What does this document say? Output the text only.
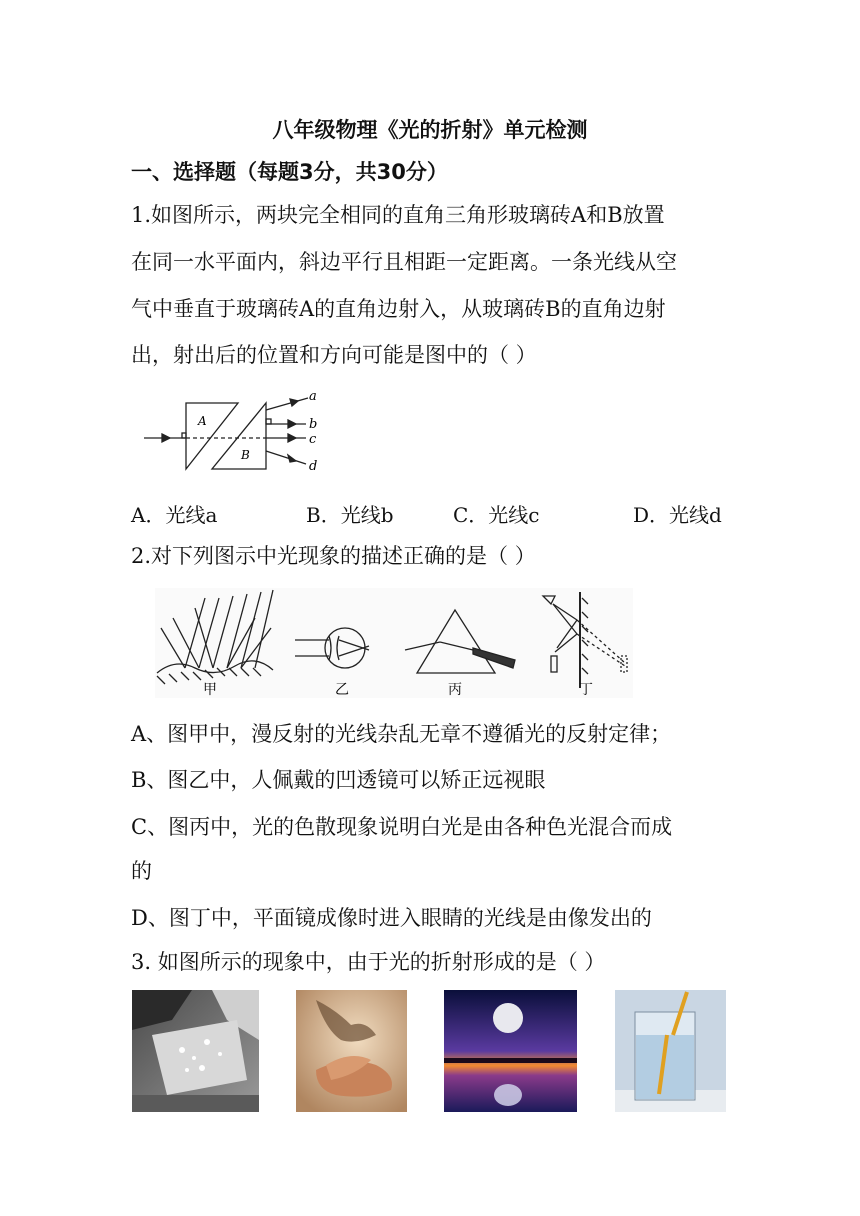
八年级物理《光的折射》单元检测
一、选择题（每题3分，共30分）
1.如图所示，两块完全相同的直角三角形玻璃砖A和B放置
在同一水平面内，斜边平行且相距一定距离。一条光线从空
气中垂直于玻璃砖A的直角边射入，从玻璃砖B的直角边射
出，射出后的位置和方向可能是图中的（ ）
A
B
a
b
c
d
A．光线a	B．光线b	C．光线c	D．光线d
2.对下列图示中光现象的描述正确的是（ ）
甲	乙	丙	丁
A、图甲中，漫反射的光线杂乱无章不遵循光的反射定律；
B、图乙中，人佩戴的凹透镜可以矫正远视眼
C、图丙中，光的色散现象说明白光是由各种色光混合而成
的
D、图丁中，平面镜成像时进入眼睛的光线是由像发出的
3. 如图所示的现象中，由于光的折射形成的是（ ）
